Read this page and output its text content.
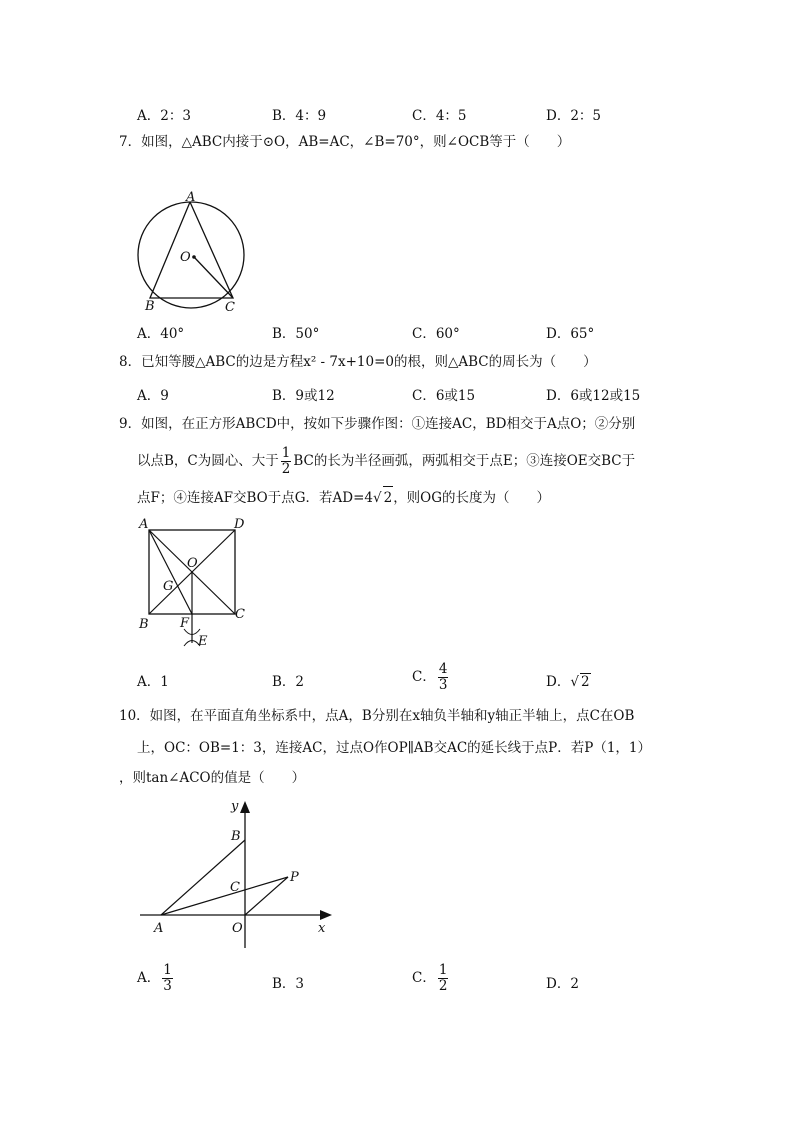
A．2：3	B．4：9	C．4：5	D．2：5
7．如图，△ABC内接于⊙O，AB=AC，∠B=70°，则∠OCB等于（　　）
A
O
B	C
A．40°	B．50°	C．60°	D．65°
8．已知等腰△ABC的边是方程x² - 7x+10=0的根，则△ABC的周长为（　　）
A．9	B．9或12	C．6或15	D．6或12或15
9．如图，在正方形ABCD中，按如下步骤作图：①连接AC，BD相交于A点O；②分别
以点B，C为圆心、大于 $\frac{1}{2}$ BC的长为半径画弧，两弧相交于点E；③连接OE交BC于
点F；④连接AF交BO于点G．若AD=4√ 2，则OG的长度为（　　）
A	D
O
G
B
C
F
E
A．1	B．2	C． $\frac{4}{3}$	D．√ 2
10．如图，在平面直角坐标系中，点A，B分别在x轴负半轴和y轴正半轴上，点C在OB
上，OC：OB=1：3，连接AC，过点O作OP∥AB交AC的延长线于点P．若P（1，1）
，则tan∠ACO的值是（　　）
y
B
C
P
A	O	x
A． $\frac{1}{3}$	B．3	C． $\frac{1}{2}$	D．2
